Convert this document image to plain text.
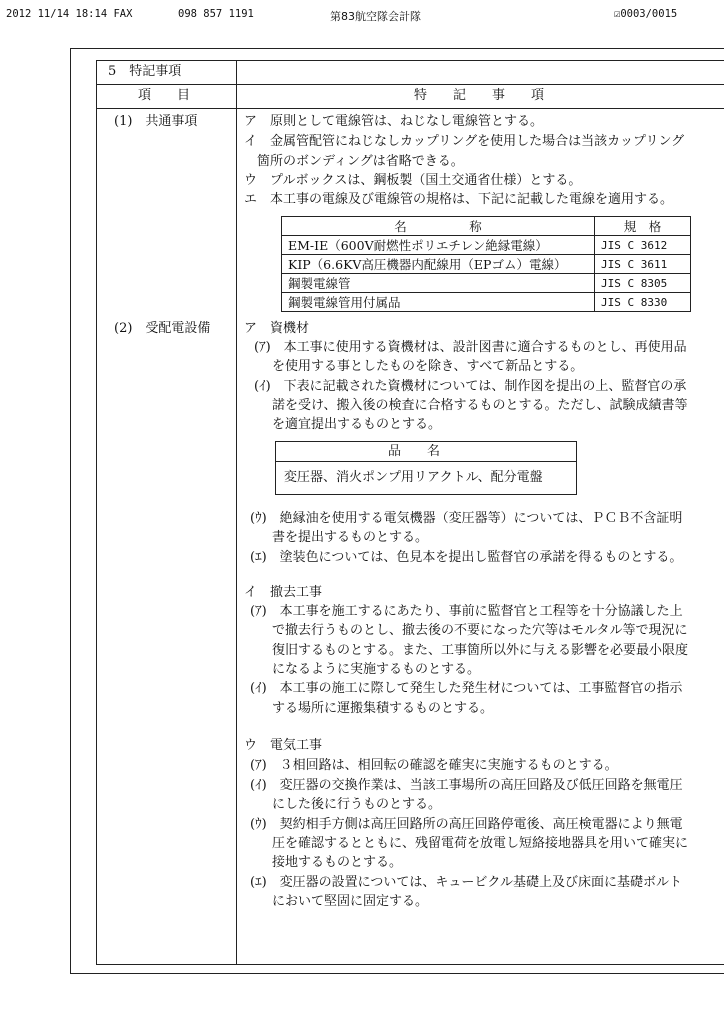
2012 11/14 18:14 FAX	098 857 1191	第83航空隊会計隊	☑0003/0015
5　特記事項
項　　目	特　　記　　事　　項
(1)　共通事項	ア　原則として電線管は、ねじなし電線管とする。
イ　金属管配管にねじなしカップリングを使用した場合は当該カップリング
箇所のボンディングは省略できる。
ウ　プルボックスは、鋼板製（国土交通省仕様）とする。
エ　本工事の電線及び電線管の規格は、下記に記載した電線を適用する。
名　　　　　称	規　格
EM-IE（600V耐燃性ポリエチレン絶縁電線）	JIS C 3612
KIP（6.6KV高圧機器内配線用（EPゴム）電線）	JIS C 3611
鋼製電線管	JIS C 8305
鋼製電線管用付属品	JIS C 8330
(2)　受配電設備	ア　資機材
(ｱ)　本工事に使用する資機材は、設計図書に適合するものとし、再使用品
を使用する事としたものを除き、すべて新品とする。
(ｲ)　下表に記載された資機材については、制作図を提出の上、監督官の承
諾を受け、搬入後の検査に合格するものとする。ただし、試験成績書等
を適宜提出するものとする。
品　　名
変圧器、消火ポンプ用リアクトル、配分電盤
(ｳ)　絶縁油を使用する電気機器（変圧器等）については、ＰＣＢ不含証明
書を提出するものとする。
(ｴ)　塗装色については、色見本を提出し監督官の承諾を得るものとする。
イ　撤去工事
(ｱ)　本工事を施工するにあたり、事前に監督官と工程等を十分協議した上
で撤去行うものとし、撤去後の不要になった穴等はモルタル等で現況に
復旧するものとする。また、工事箇所以外に与える影響を必要最小限度
になるように実施するものとする。
(ｲ)　本工事の施工に際して発生した発生材については、工事監督官の指示
する場所に運搬集積するものとする。
ウ　電気工事
(ｱ)　３相回路は、相回転の確認を確実に実施するものとする。
(ｲ)　変圧器の交換作業は、当該工事場所の高圧回路及び低圧回路を無電圧
にした後に行うものとする。
(ｳ)　契約相手方側は高圧回路所の高圧回路停電後、高圧検電器により無電
圧を確認するとともに、残留電荷を放電し短絡接地器具を用いて確実に
接地するものとする。
(ｴ)　変圧器の設置については、キュービクル基礎上及び床面に基礎ボルト
において堅固に固定する。
